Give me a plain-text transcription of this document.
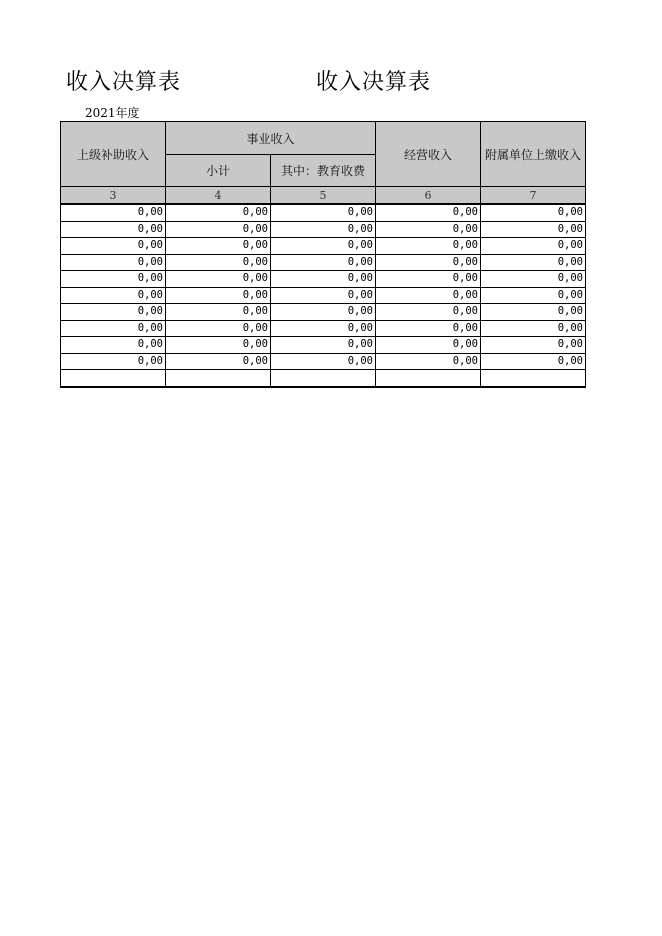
收入决算表	收入决算表
2021年度
上级补助收入	事业收入		经营收入	附属单位上缴收入
	小计	其中：教育收费		
3	4	5	6	7
0,00	0,00	0,00	0,00	0,00
0,00	0,00	0,00	0,00	0,00
0,00	0,00	0,00	0,00	0,00
0,00	0,00	0,00	0,00	0,00
0,00	0,00	0,00	0,00	0,00
0,00	0,00	0,00	0,00	0,00
0,00	0,00	0,00	0,00	0,00
0,00	0,00	0,00	0,00	0,00
0,00	0,00	0,00	0,00	0,00
0,00	0,00	0,00	0,00	0,00
